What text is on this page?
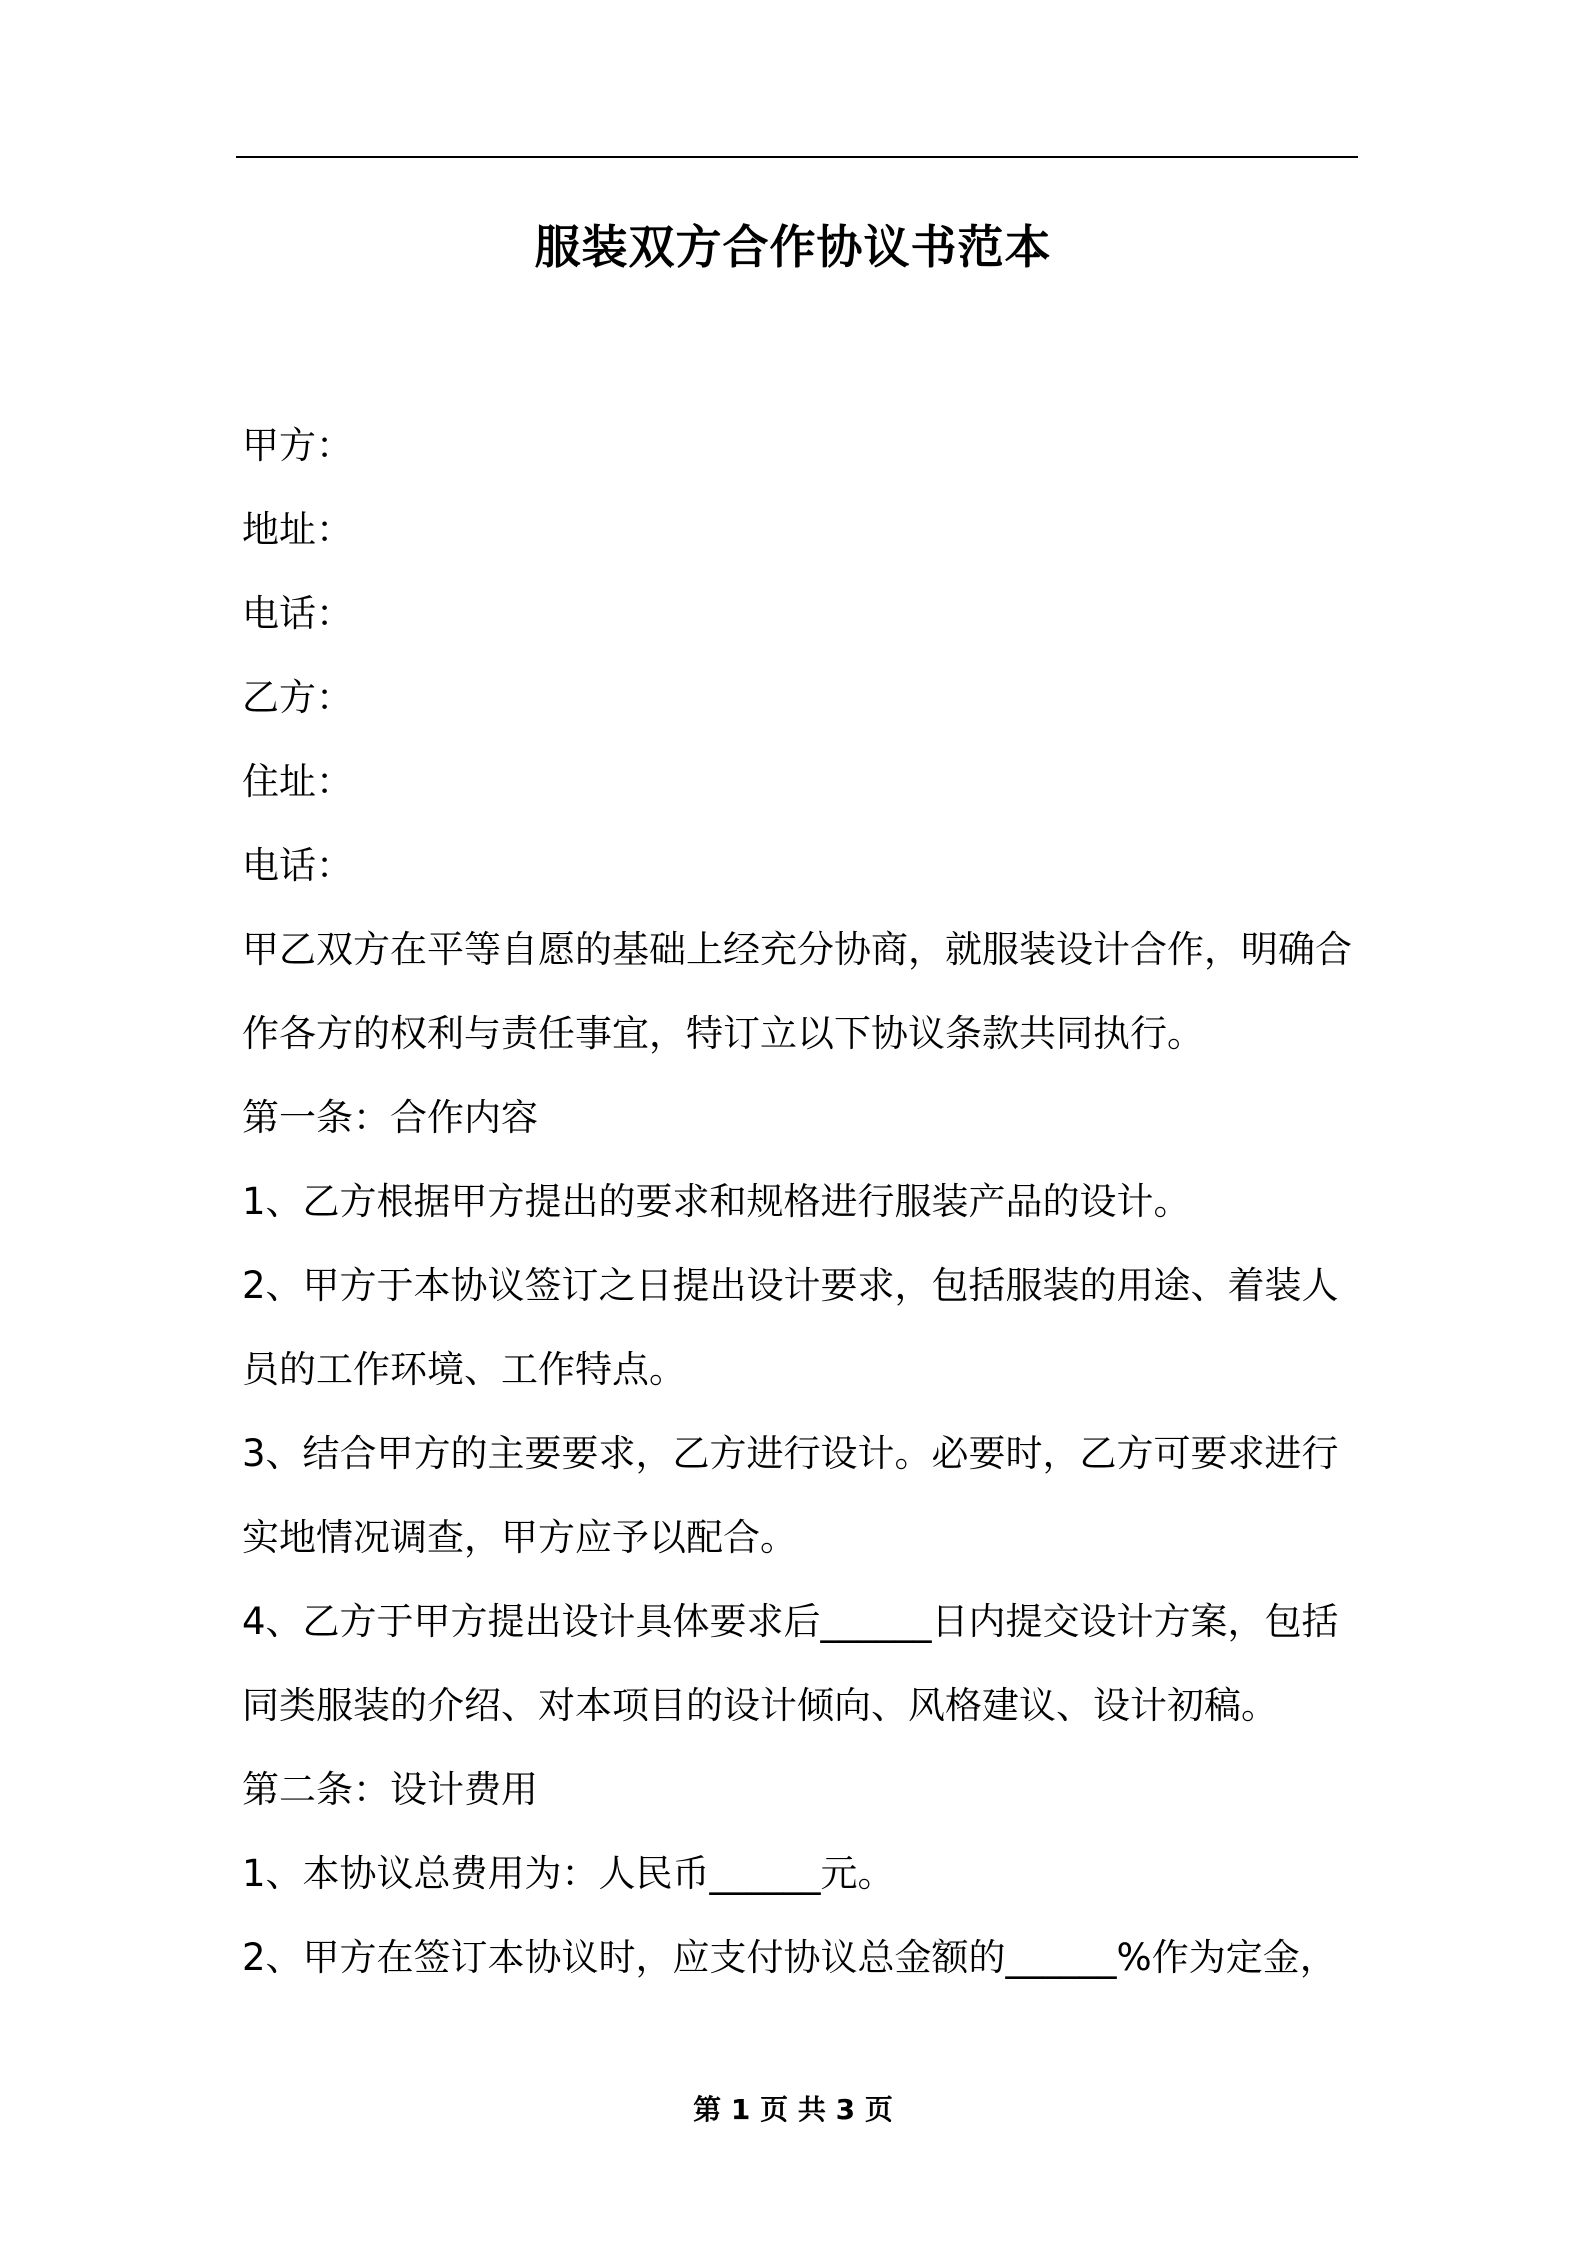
服装双方合作协议书范本

甲方：

地址：

电话：

乙方：

住址：

电话：

甲乙双方在平等自愿的基础上经充分协商，就服装设计合作，明确合

作各方的权利与责任事宜，特订立以下协议条款共同执行。

第一条：合作内容

1、乙方根据甲方提出的要求和规格进行服装产品的设计。

2、甲方于本协议签订之日提出设计要求，包括服装的用途、着装人

员的工作环境、工作特点。

3、结合甲方的主要要求，乙方进行设计。必要时，乙方可要求进行

实地情况调查，甲方应予以配合。

4、乙方于甲方提出设计具体要求后______日内提交设计方案，包括

同类服装的介绍、对本项目的设计倾向、风格建议、设计初稿。

第二条：设计费用

1、本协议总费用为：人民币______元。

2、甲方在签订本协议时，应支付协议总金额的______%作为定金，

第 1 页 共 3 页
